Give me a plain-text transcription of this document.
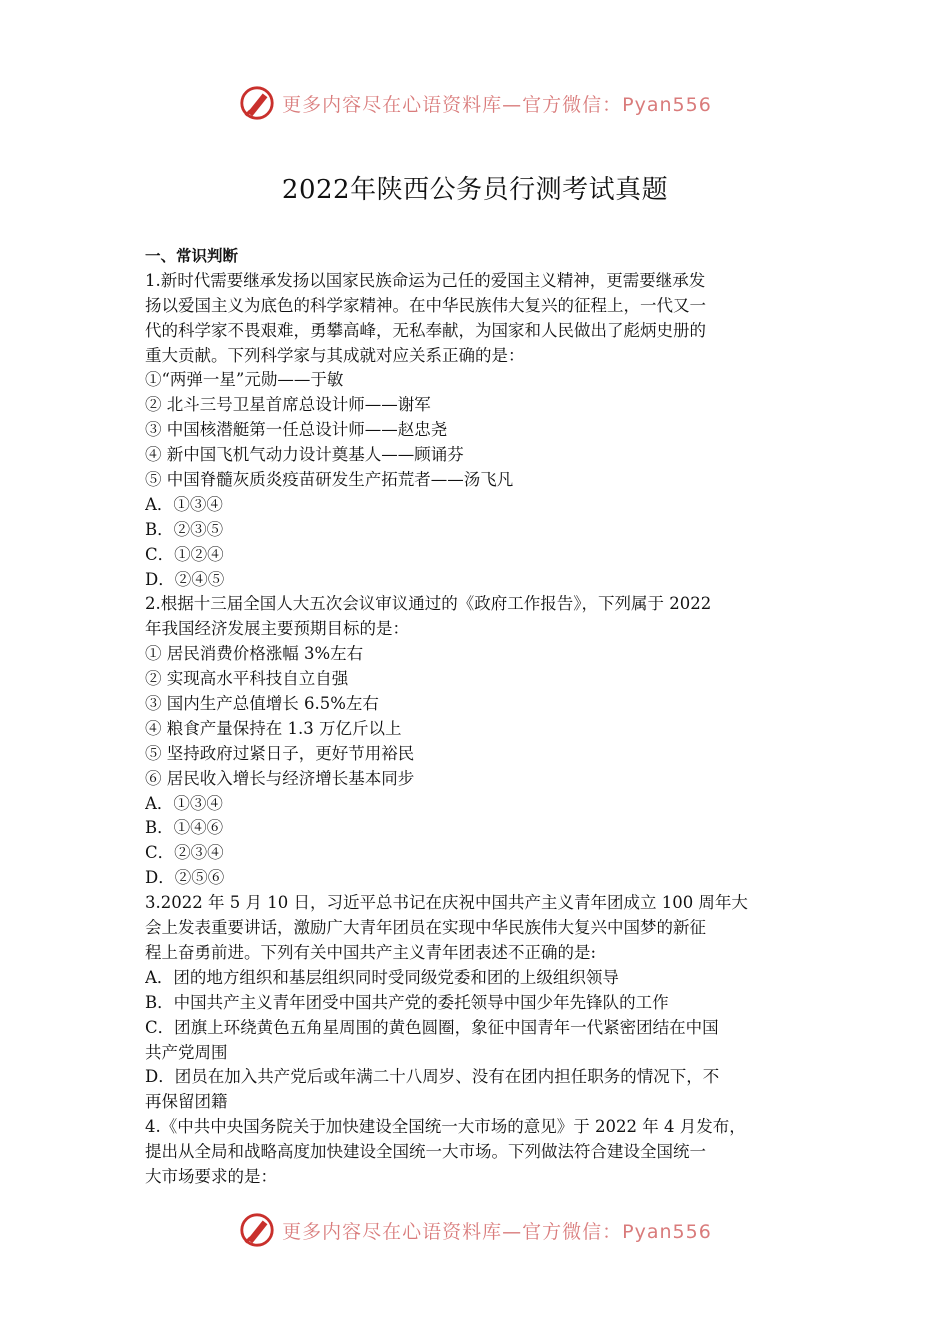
更多内容尽在心语资料库—官方微信：Pyan556
2022年陕西公务员行测考试真题
一、常识判断
1.新时代需要继承发扬以国家民族命运为己任的爱国主义精神，更需要继承发
扬以爱国主义为底色的科学家精神。在中华民族伟大复兴的征程上，一代又一
代的科学家不畏艰难，勇攀高峰，无私奉献，为国家和人民做出了彪炳史册的
重大贡献。下列科学家与其成就对应关系正确的是：
①“两弹一星”元勋——于敏
② 北斗三号卫星首席总设计师——谢军
③ 中国核潜艇第一任总设计师——赵忠尧
④ 新中国飞机气动力设计奠基人——顾诵芬
⑤ 中国脊髓灰质炎疫苗研发生产拓荒者——汤飞凡
A．①③④
B．②③⑤
C．①②④
D．②④⑤
2.根据十三届全国人大五次会议审议通过的《政府工作报告》，下列属于 2022
年我国经济发展主要预期目标的是：
① 居民消费价格涨幅 3%左右
② 实现高水平科技自立自强
③ 国内生产总值增长 6.5%左右
④ 粮食产量保持在 1.3 万亿斤以上
⑤ 坚持政府过紧日子，更好节用裕民
⑥ 居民收入增长与经济增长基本同步
A．①③④
B．①④⑥
C．②③④
D．②⑤⑥
3.2022 年 5 月 10 日，习近平总书记在庆祝中国共产主义青年团成立 100 周年大
会上发表重要讲话，激励广大青年团员在实现中华民族伟大复兴中国梦的新征
程上奋勇前进。下列有关中国共产主义青年团表述不正确的是:
A．团的地方组织和基层组织同时受同级党委和团的上级组织领导
B．中国共产主义青年团受中国共产党的委托领导中国少年先锋队的工作
C．团旗上环绕黄色五角星周围的黄色圆圈，象征中国青年一代紧密团结在中国
共产党周围
D．团员在加入共产党后或年满二十八周岁、没有在团内担任职务的情况下，不
再保留团籍
4.《中共中央国务院关于加快建设全国统一大市场的意见》于 2022 年 4 月发布，
提出从全局和战略高度加快建设全国统一大市场。下列做法符合建设全国统一
大市场要求的是：
更多内容尽在心语资料库—官方微信：Pyan556
